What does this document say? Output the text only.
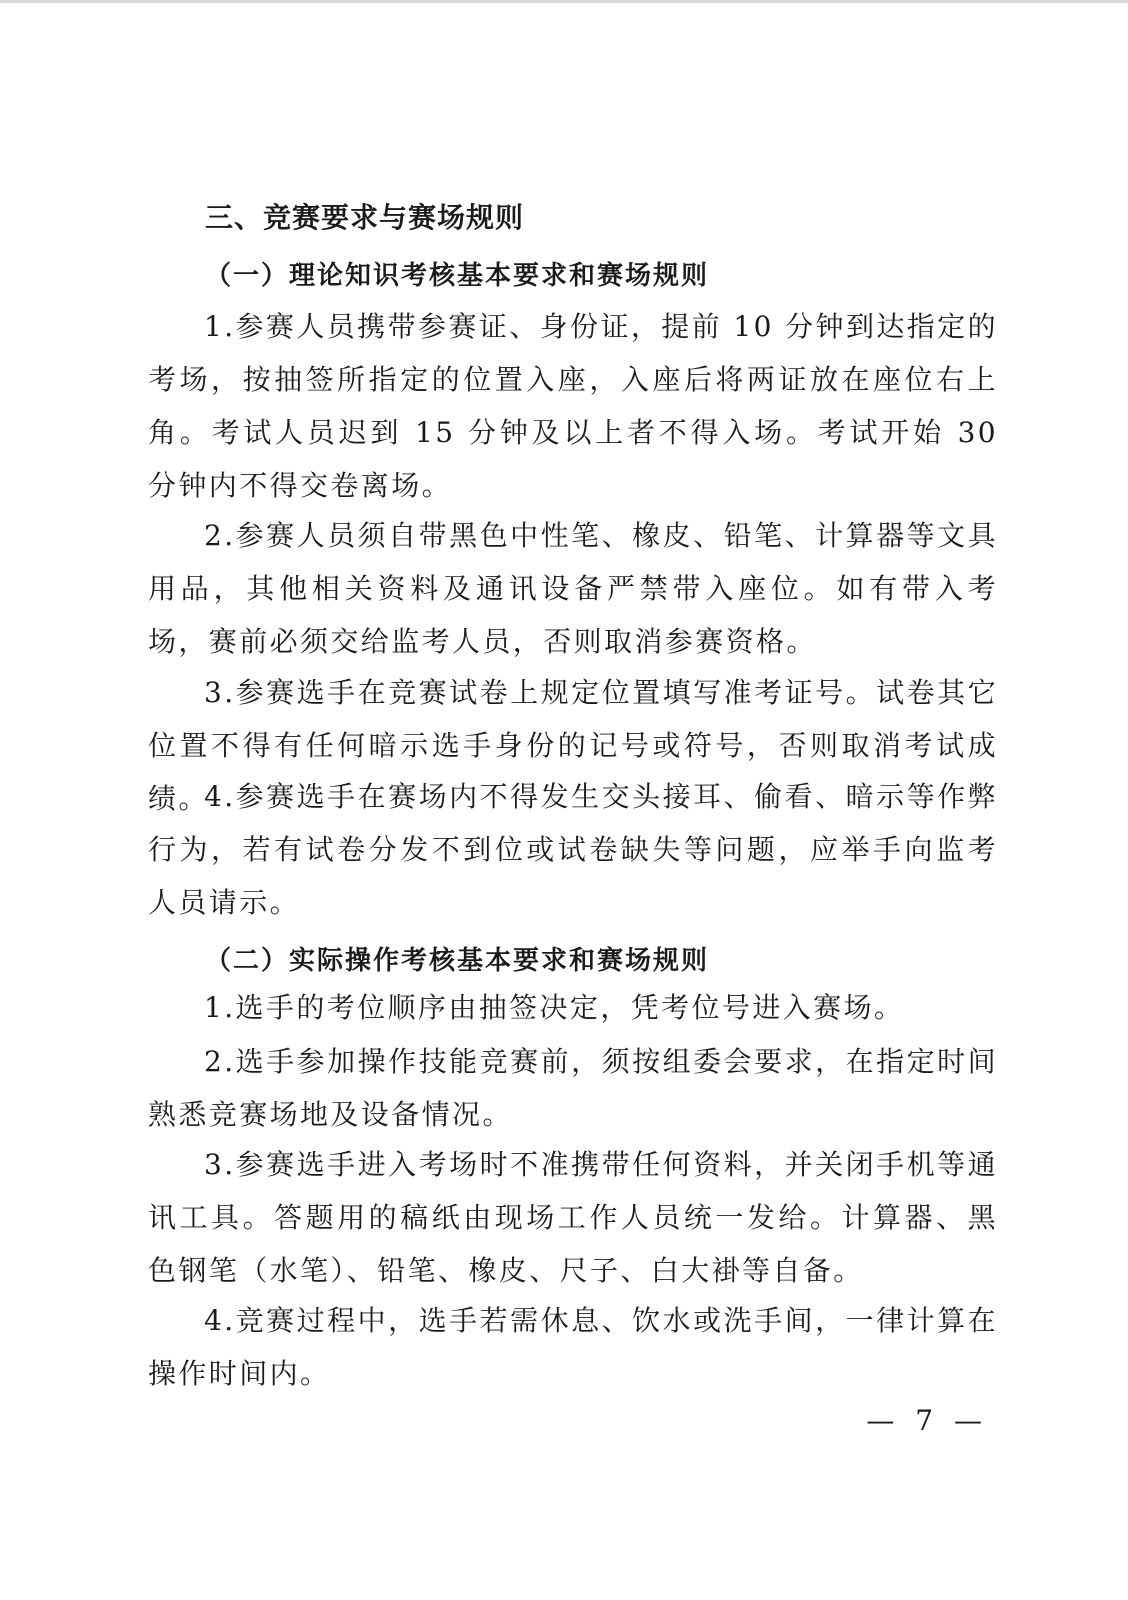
三、竞赛要求与赛场规则
（一）理论知识考核基本要求和赛场规则

1.参赛人员携带参赛证、身份证，提前 10 分钟到达指定的考场，按抽签所指定的位置入座，入座后将两证放在座位右上角。考试人员迟到 15 分钟及以上者不得入场。考试开始 30 分钟内不得交卷离场。

2.参赛人员须自带黑色中性笔、橡皮、铅笔、计算器等文具用品，其他相关资料及通讯设备严禁带入座位。如有带入考场，赛前必须交给监考人员，否则取消参赛资格。

3.参赛选手在竞赛试卷上规定位置填写准考证号。试卷其它位置不得有任何暗示选手身份的记号或符号，否则取消考试成绩。

4.参赛选手在赛场内不得发生交头接耳、偷看、暗示等作弊行为，若有试卷分发不到位或试卷缺失等问题，应举手向监考人员请示。

（二）实际操作考核基本要求和赛场规则

1.选手的考位顺序由抽签决定，凭考位号进入赛场。

2.选手参加操作技能竞赛前，须按组委会要求，在指定时间熟悉竞赛场地及设备情况。

3.参赛选手进入考场时不准携带任何资料，并关闭手机等通讯工具。答题用的稿纸由现场工作人员统一发给。计算器、黑色钢笔（水笔）、铅笔、橡皮、尺子、白大褂等自备。

4.竞赛过程中，选手若需休息、饮水或洗手间，一律计算在操作时间内。

— 7 —
